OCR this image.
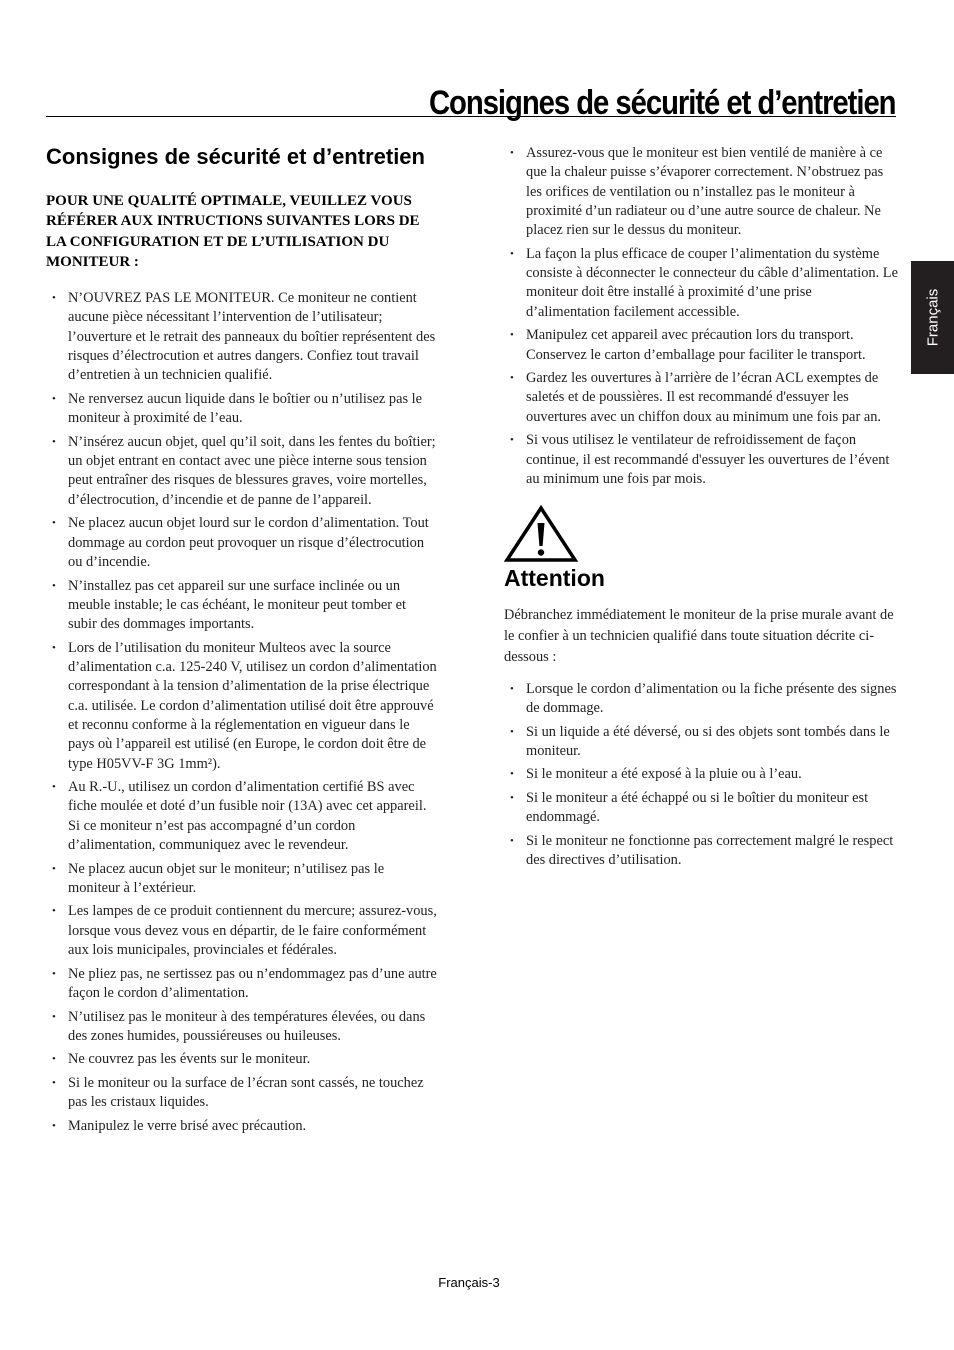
Consignes de sécurité et d’entretien
Français
Consignes de sécurité et d’entretien

POUR UNE QUALITÉ OPTIMALE, VEUILLEZ VOUS RÉFÉRER AUX INTRUCTIONS SUIVANTES LORS DE LA CONFIGURATION ET DE L’UTILISATION DU MONITEUR :

• N’OUVREZ PAS LE MONITEUR. Ce moniteur ne contient aucune pièce nécessitant l’intervention de l’utilisateur; l’ouverture et le retrait des panneaux du boîtier représentent des risques d’électrocution et autres dangers. Confiez tout travail d’entretien à un technicien qualifié.
• Ne renversez aucun liquide dans le boîtier ou n’utilisez pas le moniteur à proximité de l’eau.
• N’insérez aucun objet, quel qu’il soit, dans les fentes du boîtier; un objet entrant en contact avec une pièce interne sous tension peut entraîner des risques de blessures graves, voire mortelles, d’électrocution, d’incendie et de panne de l’appareil.
• Ne placez aucun objet lourd sur le cordon d’alimentation. Tout dommage au cordon peut provoquer un risque d’électrocution ou d’incendie.
• N’installez pas cet appareil sur une surface inclinée ou un meuble instable; le cas échéant, le moniteur peut tomber et subir des dommages importants.
• Lors de l’utilisation du moniteur Multeos avec la source d’alimentation c.a. 125-240 V, utilisez un cordon d’alimentation correspondant à la tension d’alimentation de la prise électrique c.a. utilisée. Le cordon d’alimentation utilisé doit être approuvé et reconnu conforme à la réglementation en vigueur dans le pays où l’appareil est utilisé (en Europe, le cordon doit être de type H05VV-F 3G 1mm²).
• Au R.-U., utilisez un cordon d’alimentation certifié BS avec fiche moulée et doté d’un fusible noir (13A) avec cet appareil. Si ce moniteur n’est pas accompagné d’un cordon d’alimentation, communiquez avec le revendeur.
• Ne placez aucun objet sur le moniteur; n’utilisez pas le moniteur à l’extérieur.
• Les lampes de ce produit contiennent du mercure; assurez-vous, lorsque vous devez vous en départir, de le faire conformément aux lois municipales, provinciales et fédérales.
• Ne pliez pas, ne sertissez pas ou n’endommagez pas d’une autre façon le cordon d’alimentation.
• N’utilisez pas le moniteur à des températures élevées, ou dans des zones humides, poussiéreuses ou huileuses.
• Ne couvrez pas les évents sur le moniteur.
• Si le moniteur ou la surface de l’écran sont cassés, ne touchez pas les cristaux liquides.
• Manipulez le verre brisé avec précaution.
• Assurez-vous que le moniteur est bien ventilé de manière à ce que la chaleur puisse s’évaporer correctement. N’obstruez pas les orifices de ventilation ou n’installez pas le moniteur à proximité d’un radiateur ou d’une autre source de chaleur. Ne placez rien sur le dessus du moniteur.
• La façon la plus efficace de couper l’alimentation du système consiste à déconnecter le connecteur du câble d’alimentation. Le moniteur doit être installé à proximité d’une prise d’alimentation facilement accessible.
• Manipulez cet appareil avec précaution lors du transport. Conservez le carton d’emballage pour faciliter le transport.
• Gardez les ouvertures à l’arrière de l’écran ACL exemptes de saletés et de poussières. Il est recommandé d'essuyer les ouvertures avec un chiffon doux au minimum une fois par an.
• Si vous utilisez le ventilateur de refroidissement de façon continue, il est recommandé d'essuyer les ouvertures de l’évent au minimum une fois par mois.
Attention

Débranchez immédiatement le moniteur de la prise murale avant de le confier à un technicien qualifié dans toute situation décrite ci-dessous :

• Lorsque le cordon d’alimentation ou la fiche présente des signes de dommage.
• Si un liquide a été déversé, ou si des objets sont tombés dans le moniteur.
• Si le moniteur a été exposé à la pluie ou à l’eau.
• Si le moniteur a été échappé ou si le boîtier du moniteur est endommagé.
• Si le moniteur ne fonctionne pas correctement malgré le respect des directives d’utilisation.
Français-3
